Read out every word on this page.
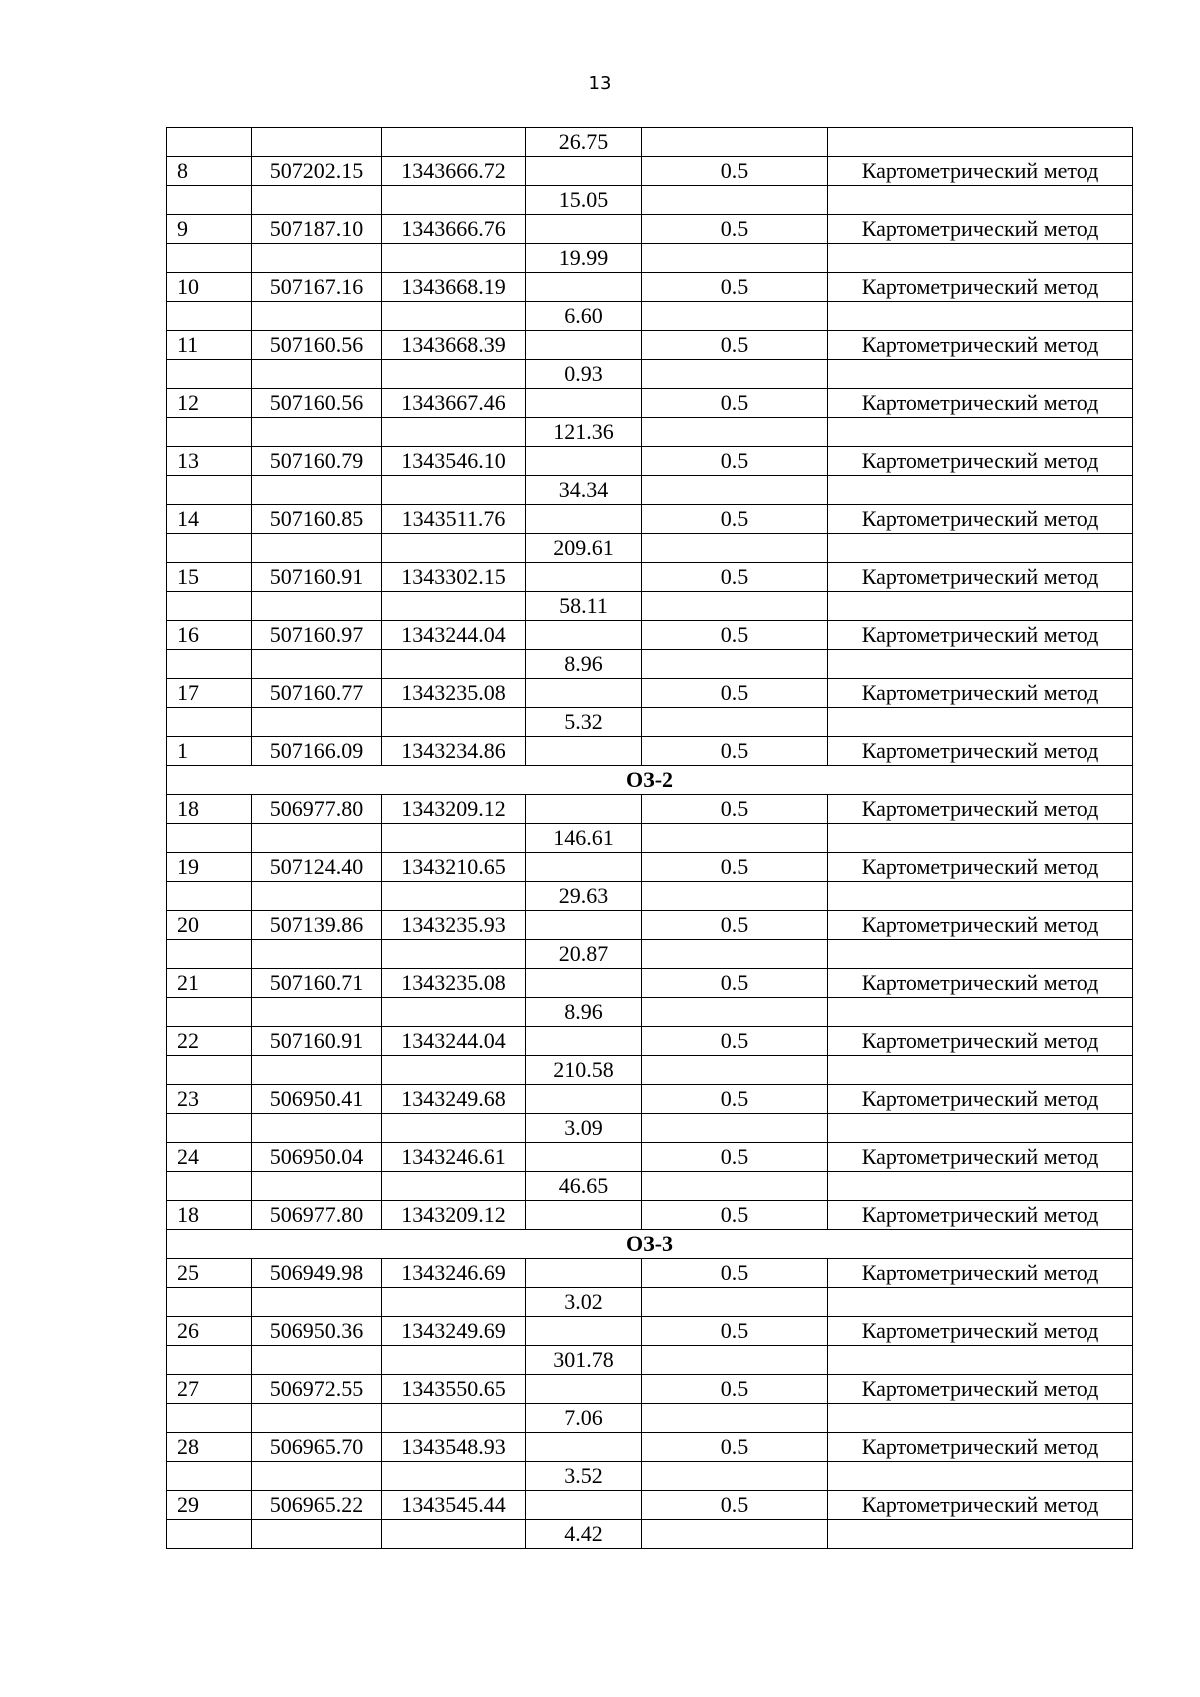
13
			26.75		
8	507202.15	1343666.72		0.5	Картометрический метод
			15.05		
9	507187.10	1343666.76		0.5	Картометрический метод
			19.99		
10	507167.16	1343668.19		0.5	Картометрический метод
			6.60		
11	507160.56	1343668.39		0.5	Картометрический метод
			0.93		
12	507160.56	1343667.46		0.5	Картометрический метод
			121.36		
13	507160.79	1343546.10		0.5	Картометрический метод
			34.34		
14	507160.85	1343511.76		0.5	Картометрический метод
			209.61		
15	507160.91	1343302.15		0.5	Картометрический метод
			58.11		
16	507160.97	1343244.04		0.5	Картометрический метод
			8.96		
17	507160.77	1343235.08		0.5	Картометрический метод
			5.32		
1	507166.09	1343234.86		0.5	Картометрический метод
ОЗ-2					
18	506977.80	1343209.12		0.5	Картометрический метод
			146.61		
19	507124.40	1343210.65		0.5	Картометрический метод
			29.63		
20	507139.86	1343235.93		0.5	Картометрический метод
			20.87		
21	507160.71	1343235.08		0.5	Картометрический метод
			8.96		
22	507160.91	1343244.04		0.5	Картометрический метод
			210.58		
23	506950.41	1343249.68		0.5	Картометрический метод
			3.09		
24	506950.04	1343246.61		0.5	Картометрический метод
			46.65		
18	506977.80	1343209.12		0.5	Картометрический метод
ОЗ-3					
25	506949.98	1343246.69		0.5	Картометрический метод
			3.02		
26	506950.36	1343249.69		0.5	Картометрический метод
			301.78		
27	506972.55	1343550.65		0.5	Картометрический метод
			7.06		
28	506965.70	1343548.93		0.5	Картометрический метод
			3.52		
29	506965.22	1343545.44		0.5	Картометрический метод
			4.42		
